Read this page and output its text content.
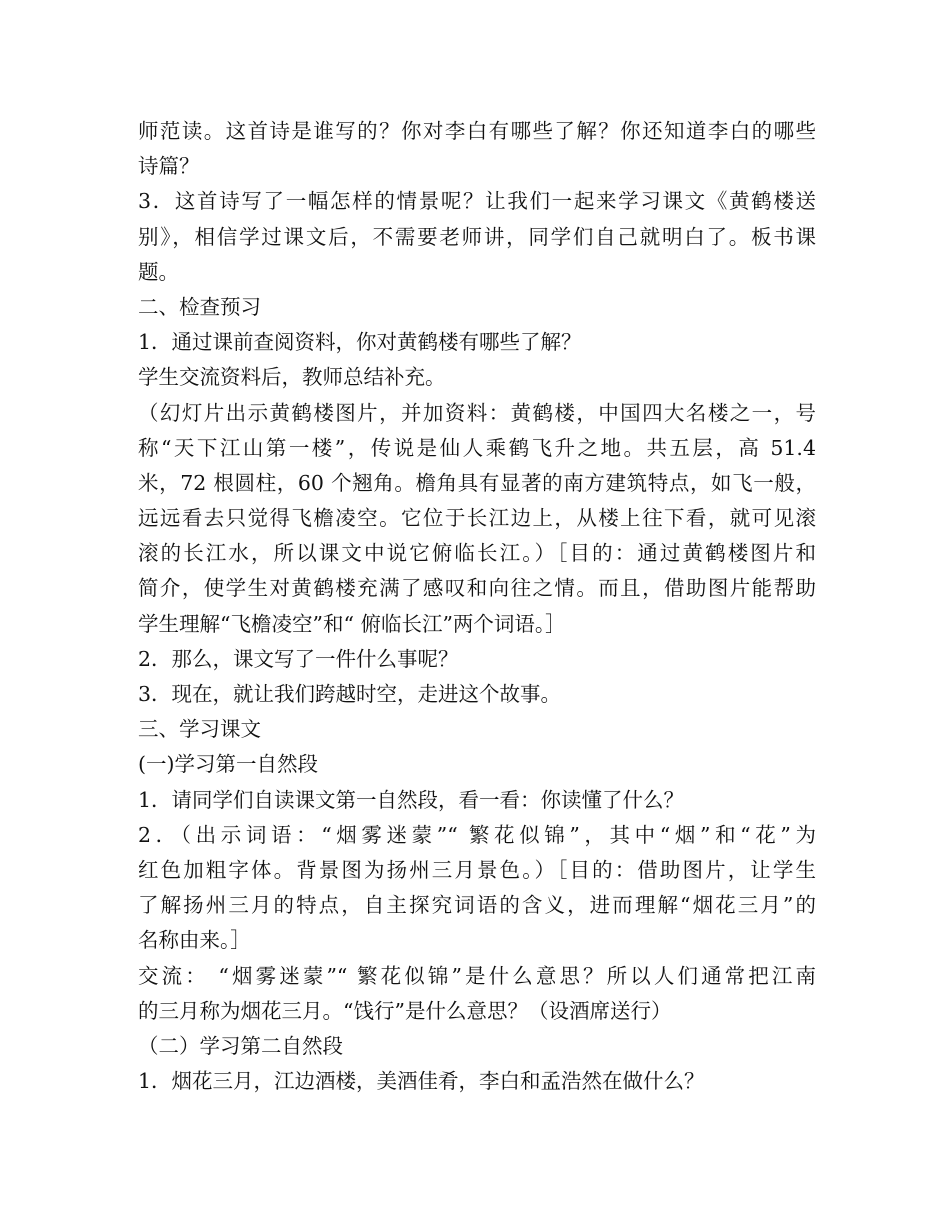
师范读。这首诗是谁写的？你对李白有哪些了解？你还知道李白的哪些
诗篇？
3．这首诗写了一幅怎样的情景呢？让我们一起来学习课文《黄鹤楼送
别》，相信学过课文后，不需要老师讲，同学们自己就明白了。板书课
题。
二、检查预习
1．通过课前查阅资料，你对黄鹤楼有哪些了解？
学生交流资料后，教师总结补充。
（幻灯片出示黄鹤楼图片，并加资料：黄鹤楼，中国四大名楼之一，号
称“天下江山第一楼”，传说是仙人乘鹤飞升之地。共五层，高 51.4
米，72 根圆柱，60 个翘角。檐角具有显著的南方建筑特点，如飞一般，
远远看去只觉得飞檐凌空。它位于长江边上，从楼上往下看，就可见滚
滚的长江水，所以课文中说它俯临长江。）［目的：通过黄鹤楼图片和
简介，使学生对黄鹤楼充满了感叹和向往之情。而且，借助图片能帮助
学生理解“飞檐凌空”和“ 俯临长江”两个词语。］
2．那么，课文写了一件什么事呢？
3．现在，就让我们跨越时空，走进这个故事。
三、学习课文
(一)学习第一自然段
1．请同学们自读课文第一自然段，看一看：你读懂了什么？
2．（出示词语：“烟雾迷蒙”“ 繁花似锦”，其中“烟”和“花”为
红色加粗字体。背景图为扬州三月景色。）［目的：借助图片，让学生
了解扬州三月的特点，自主探究词语的含义，进而理解“烟花三月”的
名称由来。］
交流： “烟雾迷蒙”“ 繁花似锦”是什么意思？所以人们通常把江南
的三月称为烟花三月。“饯行”是什么意思？（设酒席送行）
（二）学习第二自然段
1．烟花三月，江边酒楼，美酒佳肴，李白和孟浩然在做什么？
